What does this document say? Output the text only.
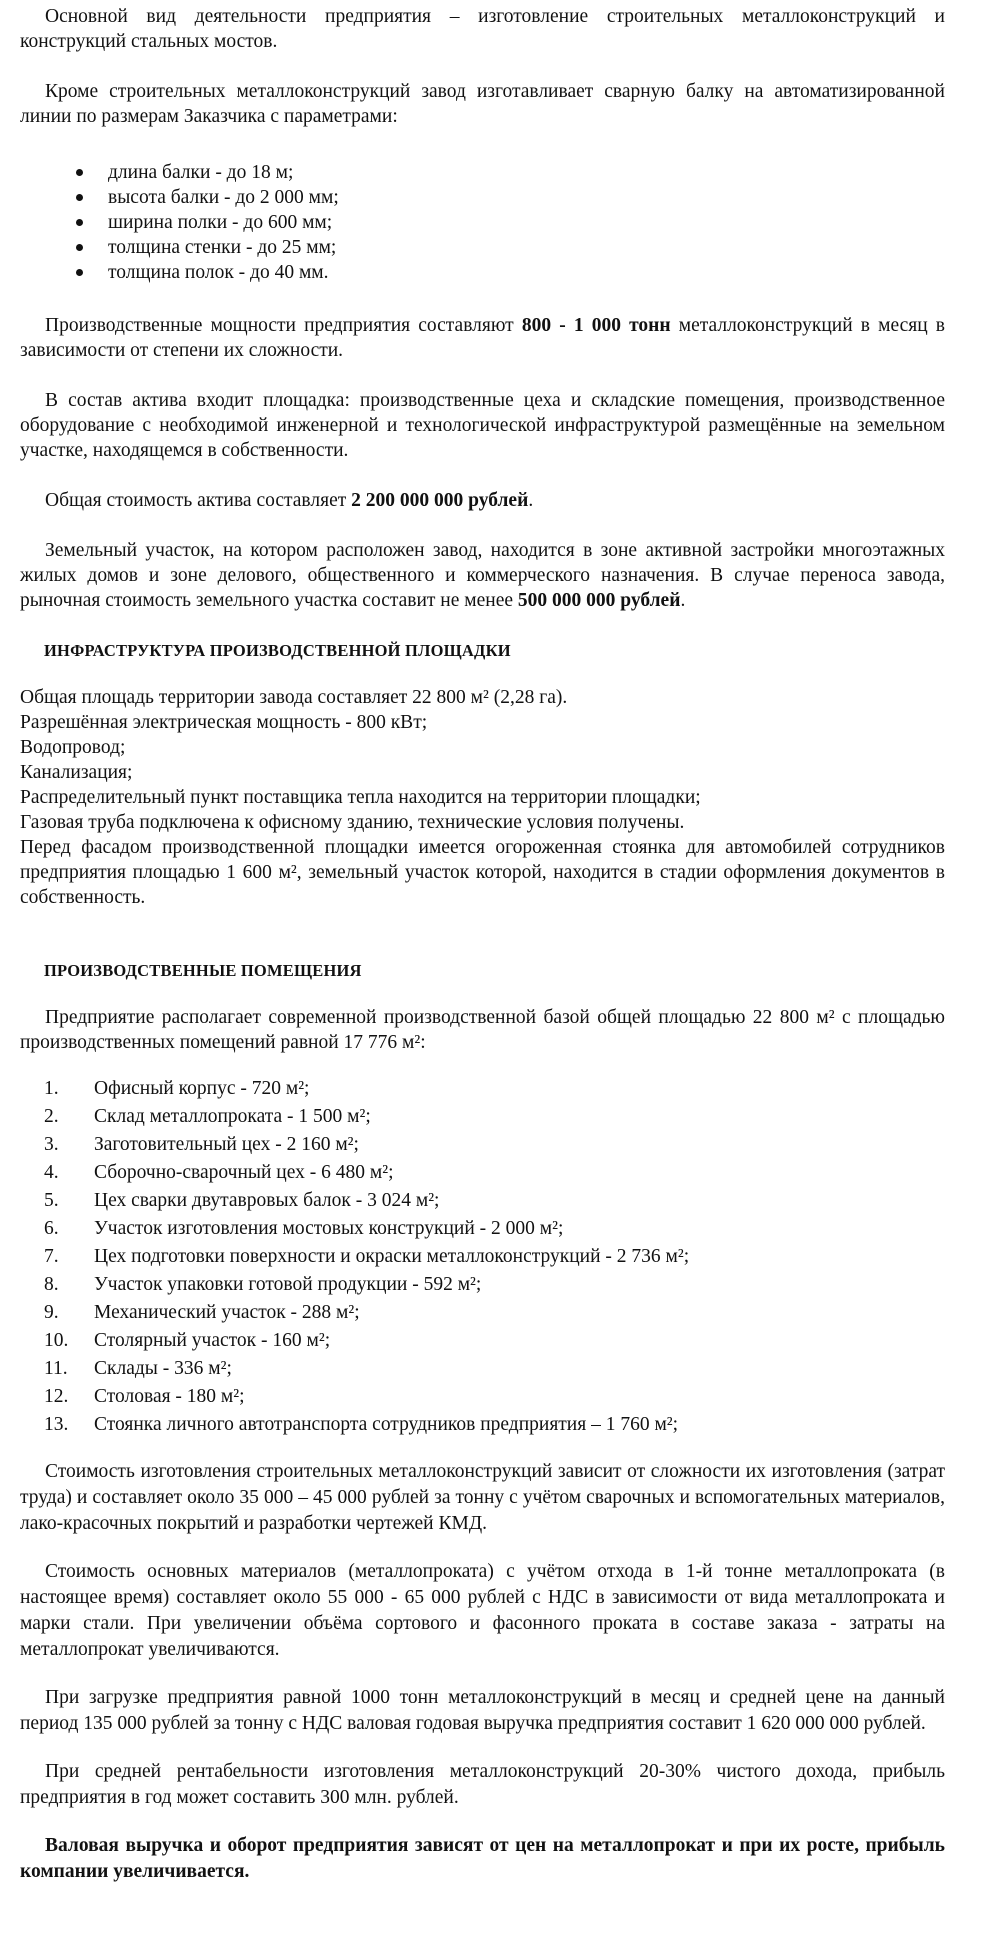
Основной вид деятельности предприятия – изготовление строительных металлоконструкций и конструкций стальных мостов.

Кроме строительных металлоконструкций завод изготавливает сварную балку на автоматизированной линии по размерам Заказчика с параметрами:

длина балки - до 18 м;
высота балки - до 2 000 мм;
ширина полки - до 600 мм;
толщина стенки - до 25 мм;
толщина полок - до 40 мм.

Производственные мощности предприятия составляют 800 - 1 000 тонн металлоконструкций в месяц в зависимости от степени их сложности.

В состав актива входит площадка: производственные цеха и складские помещения, производственное оборудование с необходимой инженерной и технологической инфраструктурой размещённые на земельном участке, находящемся в собственности.

Общая стоимость актива составляет 2 200 000 000 рублей.

Земельный участок, на котором расположен завод, находится в зоне активной застройки многоэтажных жилых домов и зоне делового, общественного и коммерческого назначения. В случае переноса завода, рыночная стоимость земельного участка составит не менее 500 000 000 рублей.

ИНФРАСТРУКТУРА ПРОИЗВОДСТВЕННОЙ ПЛОЩАДКИ

Общая площадь территории завода составляет 22 800 м² (2,28 га).

Разрешённая электрическая мощность - 800 кВт;

Водопровод;

Канализация;

Распределительный пункт поставщика тепла находится на территории площадки;

Газовая труба подключена к офисному зданию, технические условия получены.

Перед фасадом производственной площадки имеется огороженная стоянка для автомобилей сотрудников предприятия площадью 1 600 м², земельный участок которой, находится в стадии оформления документов в собственность.

ПРОИЗВОДСТВЕННЫЕ ПОМЕЩЕНИЯ

Предприятие располагает современной производственной базой общей площадью 22 800 м² с площадью производственных помещений равной 17 776 м²:

1.	Офисный корпус - 720 м²;
2.	Склад металлопроката - 1 500 м²;
3.	Заготовительный цех - 2 160 м²;
4.	Сборочно-сварочный цех - 6 480 м²;
5.	Цех сварки двутавровых балок - 3 024 м²;
6.	Участок изготовления мостовых конструкций - 2 000 м²;
7.	Цех подготовки поверхности и окраски металлоконструкций - 2 736 м²;
8.	Участок упаковки готовой продукции - 592 м²;
9.	Механический участок - 288 м²;
10.	Столярный участок - 160 м²;
11.	Склады - 336 м²;
12.	Столовая - 180 м²;
13.	Стоянка личного автотранспорта сотрудников предприятия – 1 760 м²;

Стоимость изготовления строительных металлоконструкций зависит от сложности их изготовления (затрат труда) и составляет около 35 000 – 45 000 рублей за тонну с учётом сварочных и вспомогательных материалов, лако-красочных покрытий и разработки чертежей КМД.

Стоимость основных материалов (металлопроката) с учётом отхода в 1-й тонне металлопроката (в настоящее время) составляет около 55 000 - 65 000 рублей с НДС в зависимости от вида металлопроката и марки стали. При увеличении объёма сортового и фасонного проката в составе заказа - затраты на металлопрокат увеличиваются.

При загрузке предприятия равной 1000 тонн металлоконструкций в месяц и средней цене на данный период 135 000 рублей за тонну с НДС валовая годовая выручка предприятия составит 1 620 000 000 рублей.

При средней рентабельности изготовления металлоконструкций 20-30% чистого дохода, прибыль предприятия в год может составить 300 млн. рублей.

Валовая выручка и оборот предприятия зависят от цен на металлопрокат и при их росте, прибыль компании увеличивается.
